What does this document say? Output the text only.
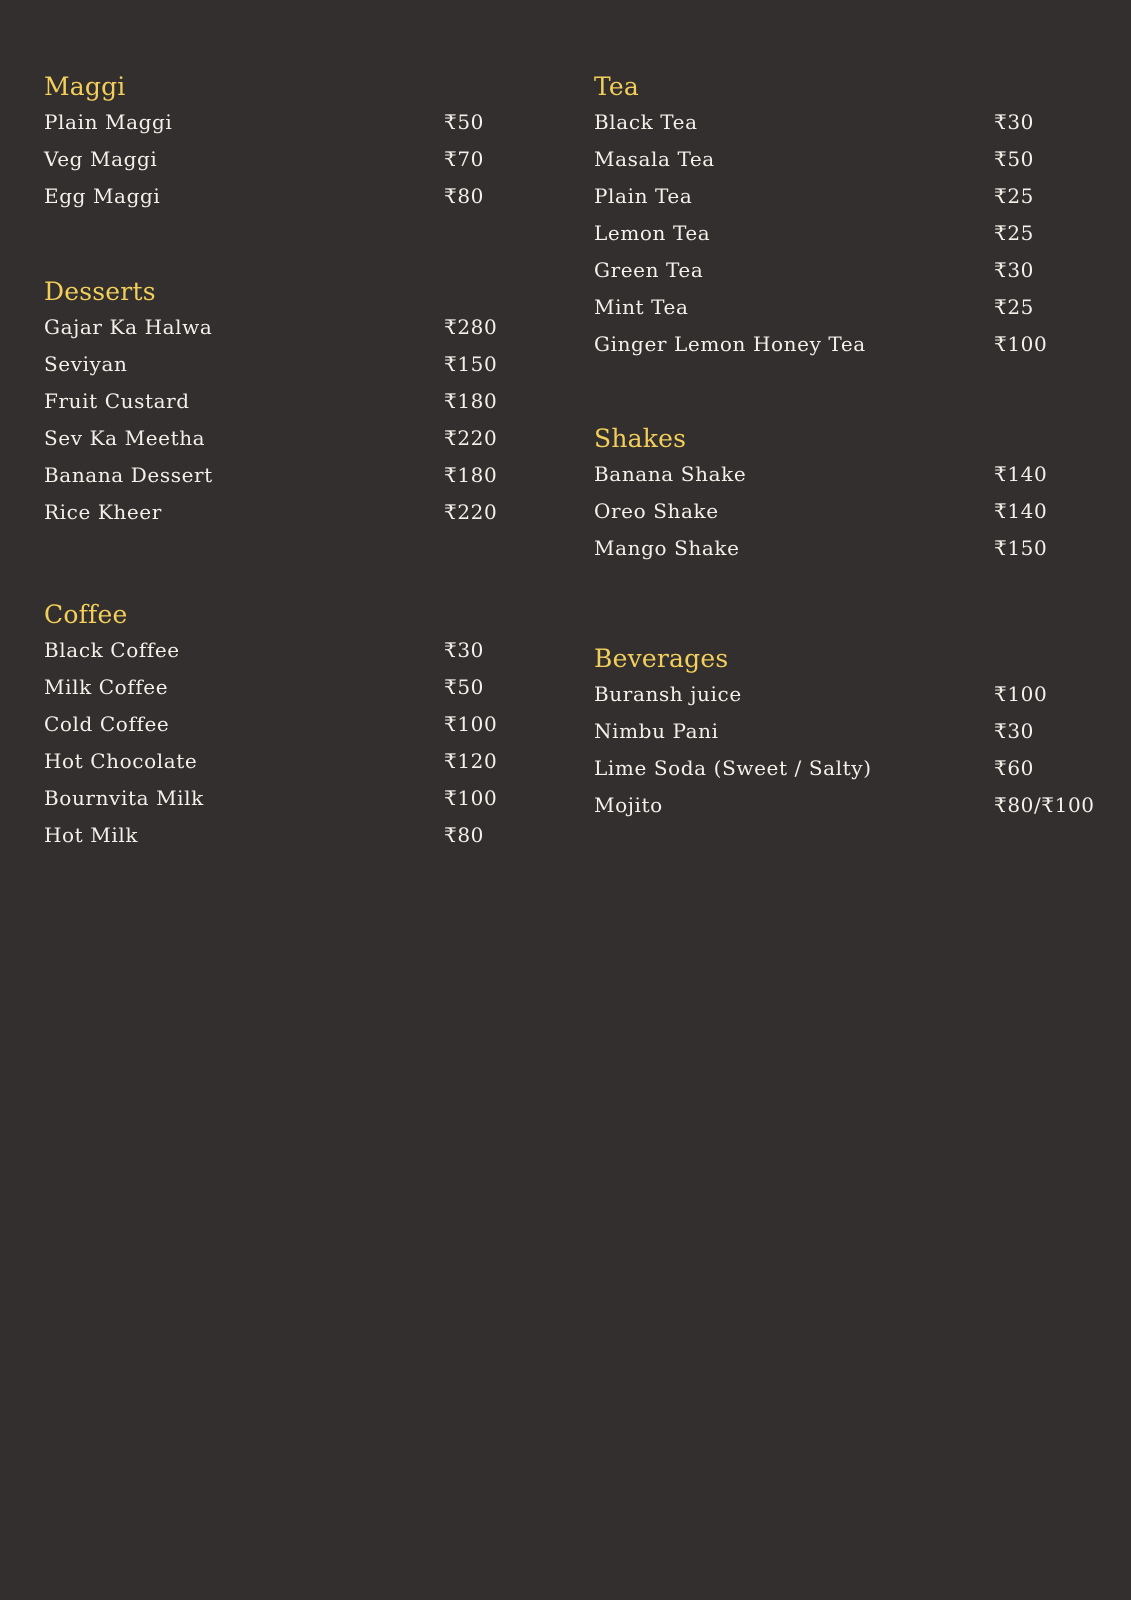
Maggi
Plain Maggi	₹50
Veg Maggi	₹70
Egg Maggi	₹80
Desserts
Gajar Ka Halwa	₹280
Seviyan	₹150
Fruit Custard	₹180
Sev Ka Meetha	₹220
Banana Dessert	₹180
Rice Kheer	₹220
Coffee
Black Coffee	₹30
Milk Coffee	₹50
Cold Coffee	₹100
Hot Chocolate	₹120
Bournvita Milk	₹100
Hot Milk	₹80
Tea
Black Tea	₹30
Masala Tea	₹50
Plain Tea	₹25
Lemon Tea	₹25
Green Tea	₹30
Mint Tea	₹25
Ginger Lemon Honey Tea	₹100
Shakes
Banana Shake	₹140
Oreo Shake	₹140
Mango Shake	₹150
Beverages
Buransh juice	₹100
Nimbu Pani	₹30
Lime Soda (Sweet / Salty)	₹60
Mojito	₹80/₹100
